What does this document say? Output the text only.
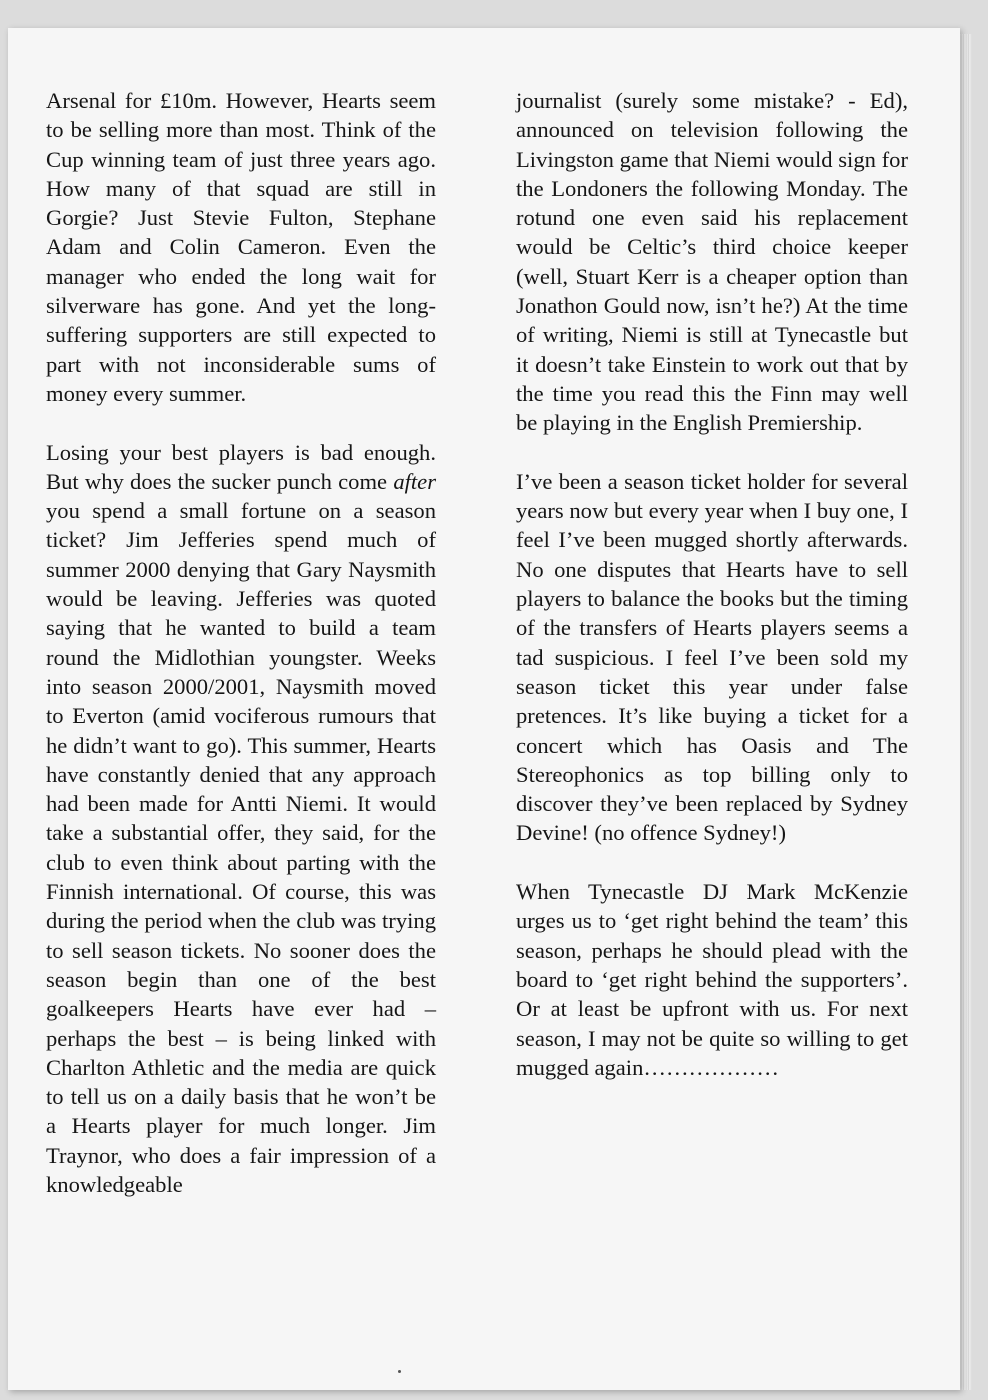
Arsenal for £10m. However, Hearts seem to be selling more than most. Think of the Cup winning team of just three years ago. How many of that squad are still in Gorgie? Just Stevie Fulton, Stephane Adam and Colin Cameron. Even the manager who ended the long wait for silverware has gone. And yet the long-suffering supporters are still expected to part with not inconsiderable sums of money every summer.

Losing your best players is bad enough. But why does the sucker punch come after you spend a small fortune on a season ticket? Jim Jefferies spend much of summer 2000 denying that Gary Naysmith would be leaving. Jefferies was quoted saying that he wanted to build a team round the Midlothian youngster. Weeks into season 2000/2001, Naysmith moved to Everton (amid vociferous rumours that he didn’t want to go). This summer, Hearts have constantly denied that any approach had been made for Antti Niemi. It would take a substantial offer, they said, for the club to even think about parting with the Finnish international. Of course, this was during the period when the club was trying to sell season tickets. No sooner does the season begin than one of the best goalkeepers Hearts have ever had – perhaps the best – is being linked with Charlton Athletic and the media are quick to tell us on a daily basis that he won’t be a Hearts player for much longer. Jim Traynor, who does a fair impression of a knowledgeable

journalist (surely some mistake? - Ed), announced on television following the Livingston game that Niemi would sign for the Londoners the following Monday. The rotund one even said his replacement would be Celtic’s third choice keeper (well, Stuart Kerr is a cheaper option than Jonathon Gould now, isn’t he?) At the time of writing, Niemi is still at Tynecastle but it doesn’t take Einstein to work out that by the time you read this the Finn may well be playing in the English Premiership.

I’ve been a season ticket holder for several years now but every year when I buy one, I feel I’ve been mugged shortly afterwards. No one disputes that Hearts have to sell players to balance the books but the timing of the transfers of Hearts players seems a tad suspicious. I feel I’ve been sold my season ticket this year under false pretences. It’s like buying a ticket for a concert which has Oasis and The Stereophonics as top billing only to discover they’ve been replaced by Sydney Devine! (no offence Sydney!)

When Tynecastle DJ Mark McKenzie urges us to ‘get right behind the team’ this season, perhaps he should plead with the board to ‘get right behind the supporters’. Or at least be upfront with us. For next season, I may not be quite so willing to get mugged again………………
